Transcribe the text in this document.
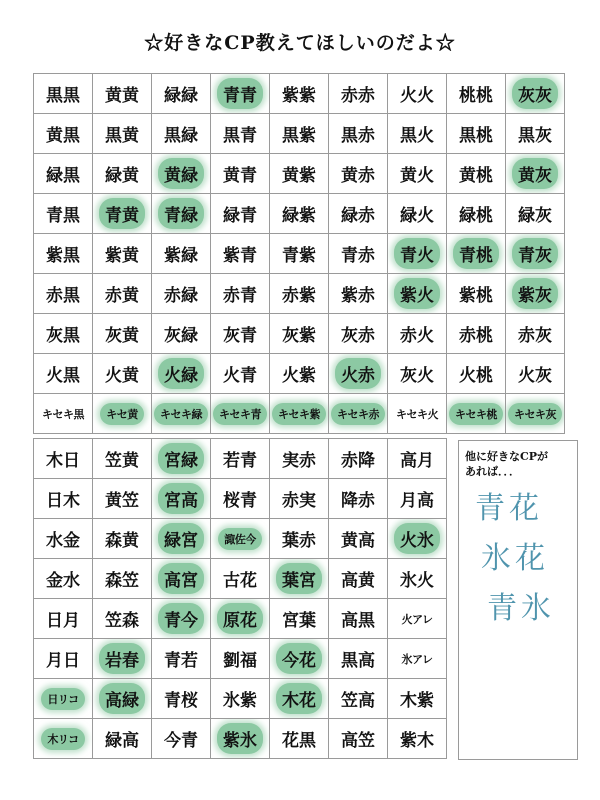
☆好きなCP教えてほしいのだよ☆
黒黒	黄黄	緑緑	青青	紫紫	赤赤	火火	桃桃	灰灰
黄黒	黒黄	黒緑	黒青	黒紫	黒赤	黒火	黒桃	黒灰
緑黒	緑黄	黄緑	黄青	黄紫	黄赤	黄火	黄桃	黄灰
青黒	青黄	青緑	緑青	緑紫	緑赤	緑火	緑桃	緑灰
紫黒	紫黄	紫緑	紫青	青紫	青赤	青火	青桃	青灰
赤黒	赤黄	赤緑	赤青	赤紫	紫赤	紫火	紫桃	紫灰
灰黒	灰黄	灰緑	灰青	灰紫	灰赤	赤火	赤桃	赤灰
火黒	火黄	火緑	火青	火紫	火赤	灰火	火桃	火灰
キセキ黒	キセ黄	キセキ緑	キセキ青	キセキ紫	キセキ赤	キセキ火	キセキ桃	キセキ灰
木日	笠黄	宮緑	若青	実赤	赤降	高月
日木	黄笠	宮高	桜青	赤実	降赤	月高
水金	森黄	緑宮	諏佐今	葉赤	黄高	火氷
金水	森笠	高宮	古花	葉宮	高黄	氷火
日月	笠森	青今	原花	宮葉	高黒	火アレ
月日	岩春	青若	劉福	今花	黒高	氷アレ
日リコ	高緑	青桜	氷紫	木花	笠高	木紫
木リコ	緑高	今青	紫氷	花黒	高笠	紫木
他に好きなCPが
あれば．．．
青花
氷花
青氷
